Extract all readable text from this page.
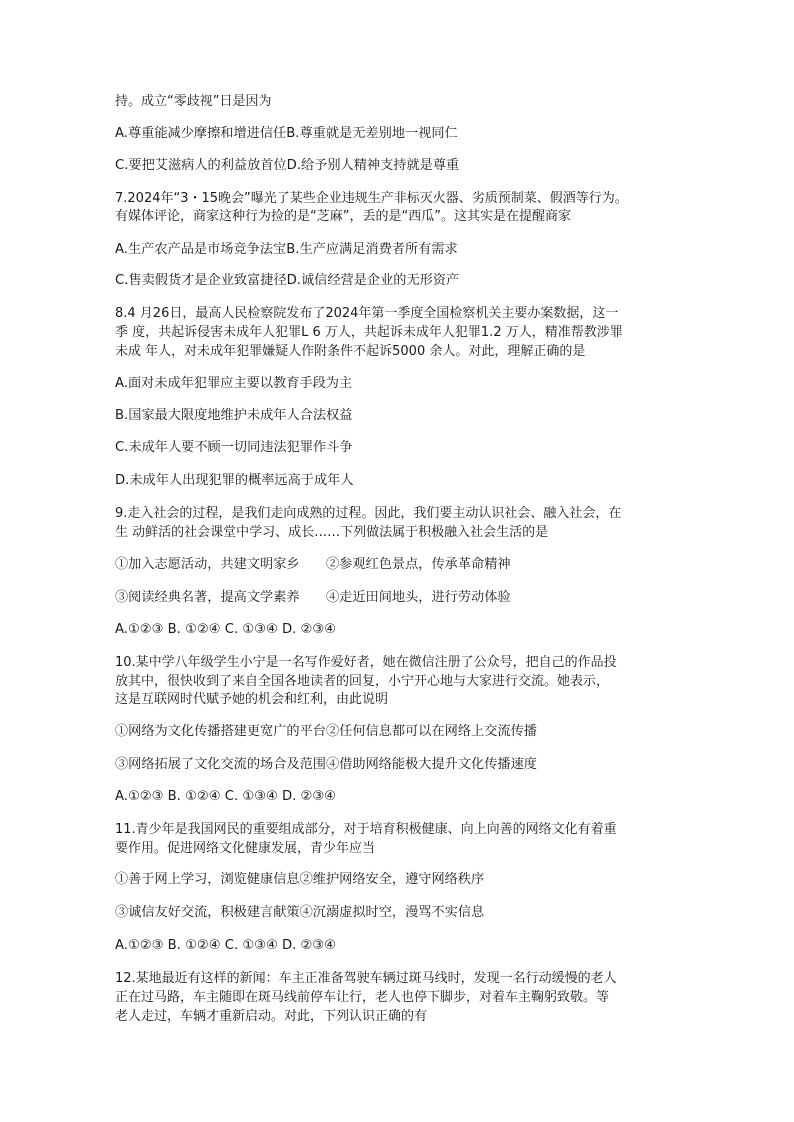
持。成立“零歧视”日是因为
A.尊重能减少摩擦和增进信任B.尊重就是无差别地一视同仁
C.要把艾滋病人的利益放首位D.给予别人精神支持就是尊重
7.2024年“3・15晚会”曝光了某些企业违规生产非标灭火器、劣质预制菜、假酒等行为。
有媒体评论，商家这种行为捡的是“芝麻”，丢的是“西瓜”。这其实是在提醒商家
A.生产农产品是市场竞争法宝B.生产应满足消费者所有需求
C.售卖假货才是企业致富捷径D.诚信经营是企业的无形资产
8.4 月26日，最高人民检察院发布了2024年第一季度全国检察机关主要办案数据，这一
季 度，共起诉侵害未成年人犯罪L 6 万人，共起诉未成年人犯罪1.2 万人，精准帮教涉罪
未成 年人，对未成年犯罪嫌疑人作附条件不起诉5000 余人。对此，理解正确的是
A.面对未成年犯罪应主要以教育手段为主
B.国家最大限度地维护未成年人合法权益
C.未成年人要不顾一切同违法犯罪作斗争
D.未成年人出现犯罪的概率远高于成年人
9.走入社会的过程，是我们走向成熟的过程。因此，我们要主动认识社会、融入社会，在
生 动鲜活的社会课堂中学习、成长……下列做法属于积极融入社会生活的是
①加入志愿活动，共建文明家乡　　②参观红色景点，传承革命精神
③阅读经典名著，提高文学素养　　④走近田间地头，进行劳动体验
A.①②③ B. ①②④ C. ①③④ D. ②③④
10.某中学八年级学生小宁是一名写作爱好者，她在微信注册了公众号，把自己的作品投
放其中，很快收到了来自全国各地读者的回复，小宁开心地与大家进行交流。她表示，
这是互联网时代赋予她的机会和红利，由此说明
①网络为文化传播搭建更宽广的平台②任何信息都可以在网络上交流传播
③网络拓展了文化交流的场合及范围④借助网络能极大提升文化传播速度
A.①②③ B. ①②④ C. ①③④ D. ②③④
11.青少年是我国网民的重要组成部分，对于培育积极健康、向上向善的网络文化有着重
要作用。促进网络文化健康发展，青少年应当
①善于网上学习，浏览健康信息②维护网络安全，遵守网络秩序
③诚信友好交流，积极建言献策④沉溺虚拟时空，漫骂不实信息
A.①②③ B. ①②④ C. ①③④ D. ②③④
12.某地最近有这样的新闻：车主正准备驾驶车辆过斑马线时，发现一名行动缓慢的老人
正在过马路，车主随即在斑马线前停车让行，老人也停下脚步，对着车主鞠躬致敬。等
老人走过，车辆才重新启动。对此，下列认识正确的有
